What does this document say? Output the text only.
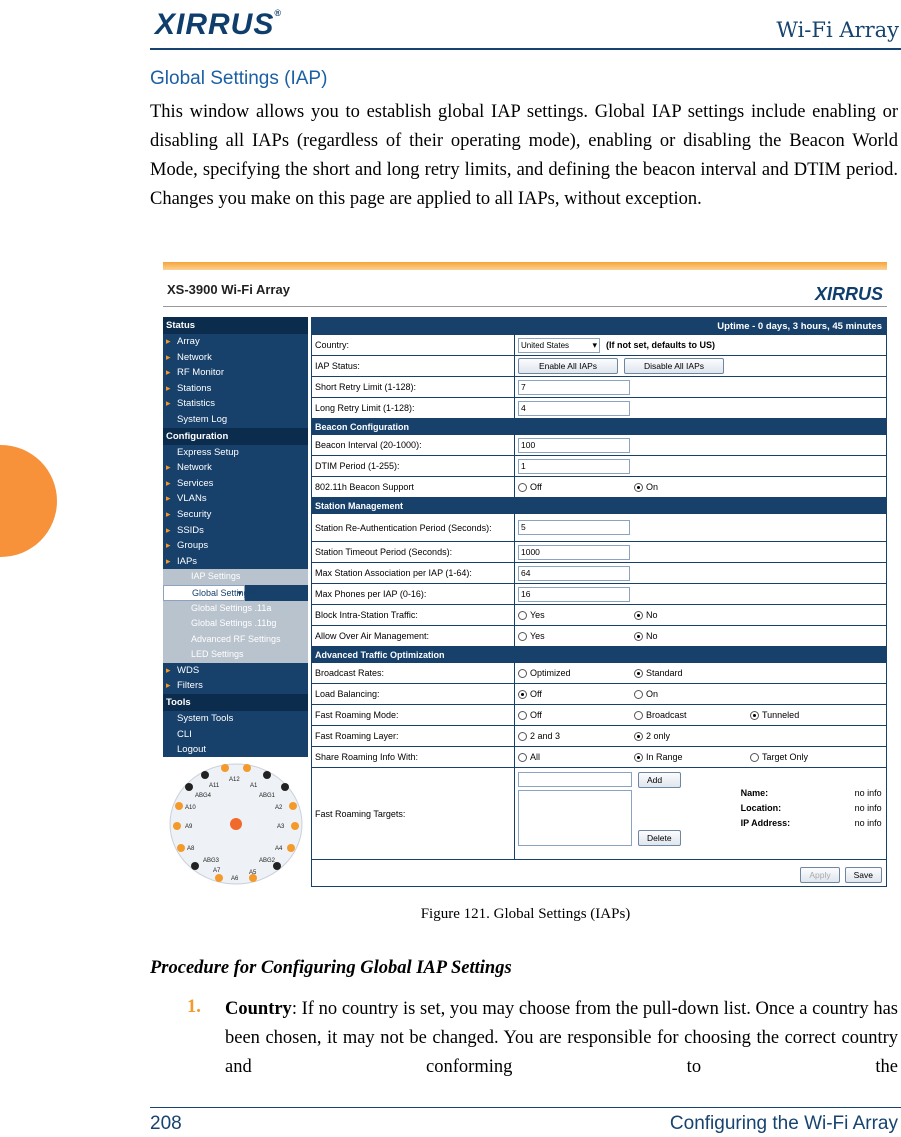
XIRRUS®
Wi-Fi Array
Global Settings (IAP)

This window allows you to establish global IAP settings. Global IAP settings include enabling or disabling all IAPs (regardless of their operating mode), enabling or disabling the Beacon World Mode, specifying the short and long retry limits, and defining the beacon interval and DTIM period. Changes you make on this page are applied to all IAPs, without exception.

XS-3900 Wi-Fi Array	XIRRUS
Status
▸ Array
▸ Network
▸ RF Monitor
▸ Stations
▸ Statistics
System Log
Configuration
Express Setup
▸ Network
▸ Services
▸ VLANs
▸ Security
▸ SSIDs
▸ Groups
▸ IAPs
IAP Settings
Global Settings ▾
Global Settings .11a
Global Settings .11bg
Advanced RF Settings
LED Settings
▸ WDS
▸ Filters
Tools
System Tools
CLI
Logout
A12
A1
A11
ABG1
ABG4
A2
A10
A3
A9
A4
A8
ABG2
ABG3
A5
A7
A6
Uptime - 0 days, 3 hours, 45 minutes
Country:	United States ▾	(If not set, defaults to US)
IAP Status:	Enable All IAPs	Disable All IAPs
Short Retry Limit (1-128):	7
Long Retry Limit (1-128):	4
Beacon Configuration
Beacon Interval (20-1000):	100
DTIM Period (1-255):	1
802.11h Beacon Support	Off	On
Station Management
Station Re-Authentication Period (Seconds):	5
Station Timeout Period (Seconds):	1000
Max Station Association per IAP (1-64):	64
Max Phones per IAP (0-16):	16
Block Intra-Station Traffic:	Yes	No
Allow Over Air Management:	Yes	No
Advanced Traffic Optimization
Broadcast Rates:	Optimized	Standard
Load Balancing:	Off	On
Fast Roaming Mode:	Off	Broadcast	Tunneled
Fast Roaming Layer:	2 and 3	2 only
Share Roaming Info With:	All	In Range	Target Only
Fast Roaming Targets:
Add
Delete
Name:	no info
Location:	no info
IP Address:	no info
Apply	Save
Figure 121. Global Settings (IAPs)
Procedure for Configuring Global IAP Settings
1. Country: If no country is set, you may choose from the pull-down list. Once a country has been chosen, it may not be changed. You are responsible for choosing the correct country and conforming to the

208	Configuring the Wi-Fi Array
